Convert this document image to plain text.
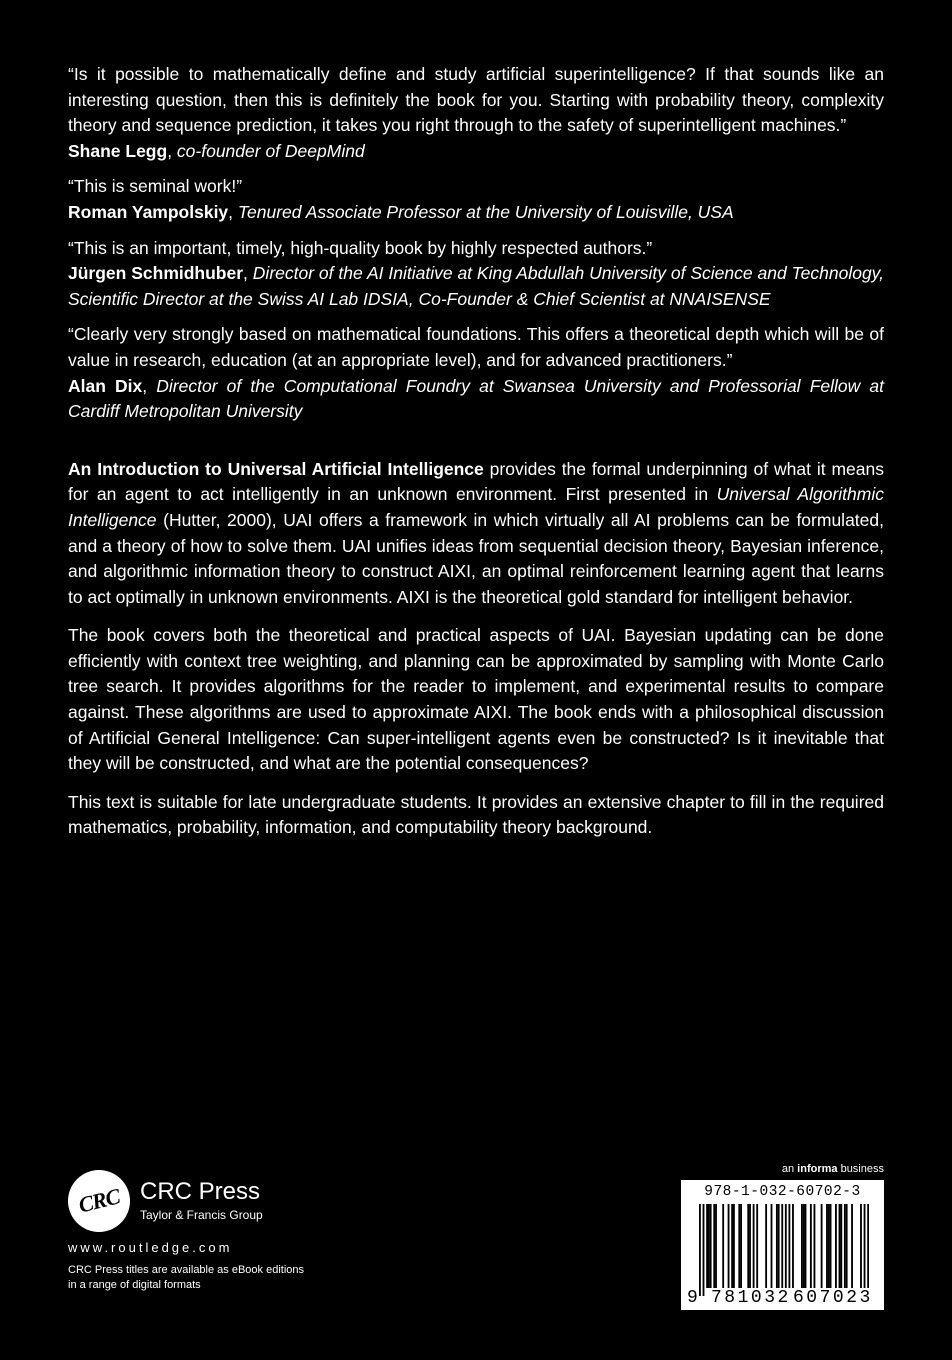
“Is it possible to mathematically define and study artificial superintelligence? If that sounds like an interesting question, then this is definitely the book for you. Starting with probability theory, complexity theory and sequence prediction, it takes you right through to the safety of superintelligent machines.”

Shane Legg, co-founder of DeepMind

“This is seminal work!”

Roman Yampolskiy, Tenured Associate Professor at the University of Louisville, USA

“This is an important, timely, high-quality book by highly respected authors.”

Jürgen Schmidhuber, Director of the AI Initiative at King Abdullah University of Science and Technology, Scientific Director at the Swiss AI Lab IDSIA, Co-Founder & Chief Scientist at NNAISENSE

“Clearly very strongly based on mathematical foundations. This offers a theoretical depth which will be of value in research, education (at an appropriate level), and for advanced practitioners.”

Alan Dix, Director of the Computational Foundry at Swansea University and Professorial Fellow at Cardiff Metropolitan University

An Introduction to Universal Artificial Intelligence provides the formal underpinning of what it means for an agent to act intelligently in an unknown environment. First presented in Universal Algorithmic Intelligence (Hutter, 2000), UAI offers a framework in which virtually all AI problems can be formulated, and a theory of how to solve them. UAI unifies ideas from sequential decision theory, Bayesian inference, and algorithmic information theory to construct AIXI, an optimal reinforcement learning agent that learns to act optimally in unknown environments. AIXI is the theoretical gold standard for intelligent behavior.

The book covers both the theoretical and practical aspects of UAI. Bayesian updating can be done efficiently with context tree weighting, and planning can be approximated by sampling with Monte Carlo tree search. It provides algorithms for the reader to implement, and experimental results to compare against. These algorithms are used to approximate AIXI. The book ends with a philosophical discussion of Artificial General Intelligence: Can super-intelligent agents even be constructed? Is it inevitable that they will be constructed, and what are the potential consequences?

This text is suitable for late undergraduate students. It provides an extensive chapter to fill in the required mathematics, probability, information, and computability theory background.

CRC CRC Press
Taylor & Francis Group
www.routledge.com
CRC Press titles are available as eBook editions
in a range of digital formats
an informa business
978-1-032-60702-3
9 781032 607023
